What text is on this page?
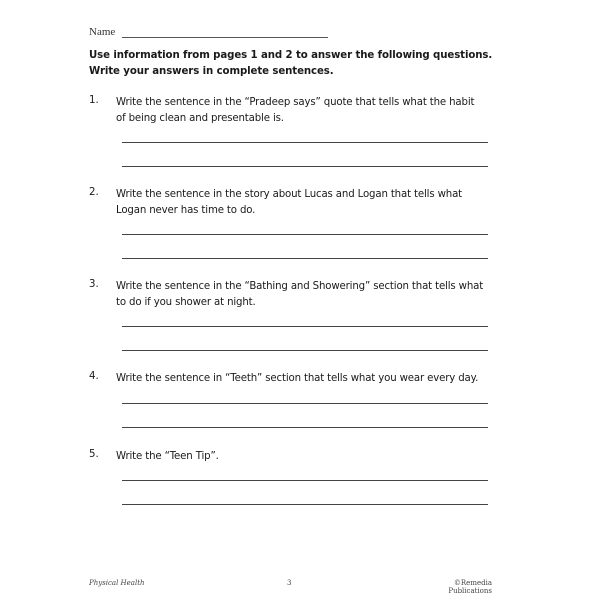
Name
Use information from pages 1 and 2 to answer the following questions.
Write your answers in complete sentences.
1. Write the sentence in the “Pradeep says” quote that tells what the habit
of being clean and presentable is.
2. Write the sentence in the story about Lucas and Logan that tells what
Logan never has time to do.
3. Write the sentence in the “Bathing and Showering” section that tells what
to do if you shower at night.
4. Write the sentence in “Teeth” section that tells what you wear every day.
5. Write the “Teen Tip”.
Physical Health	3	©Remedia Publications
